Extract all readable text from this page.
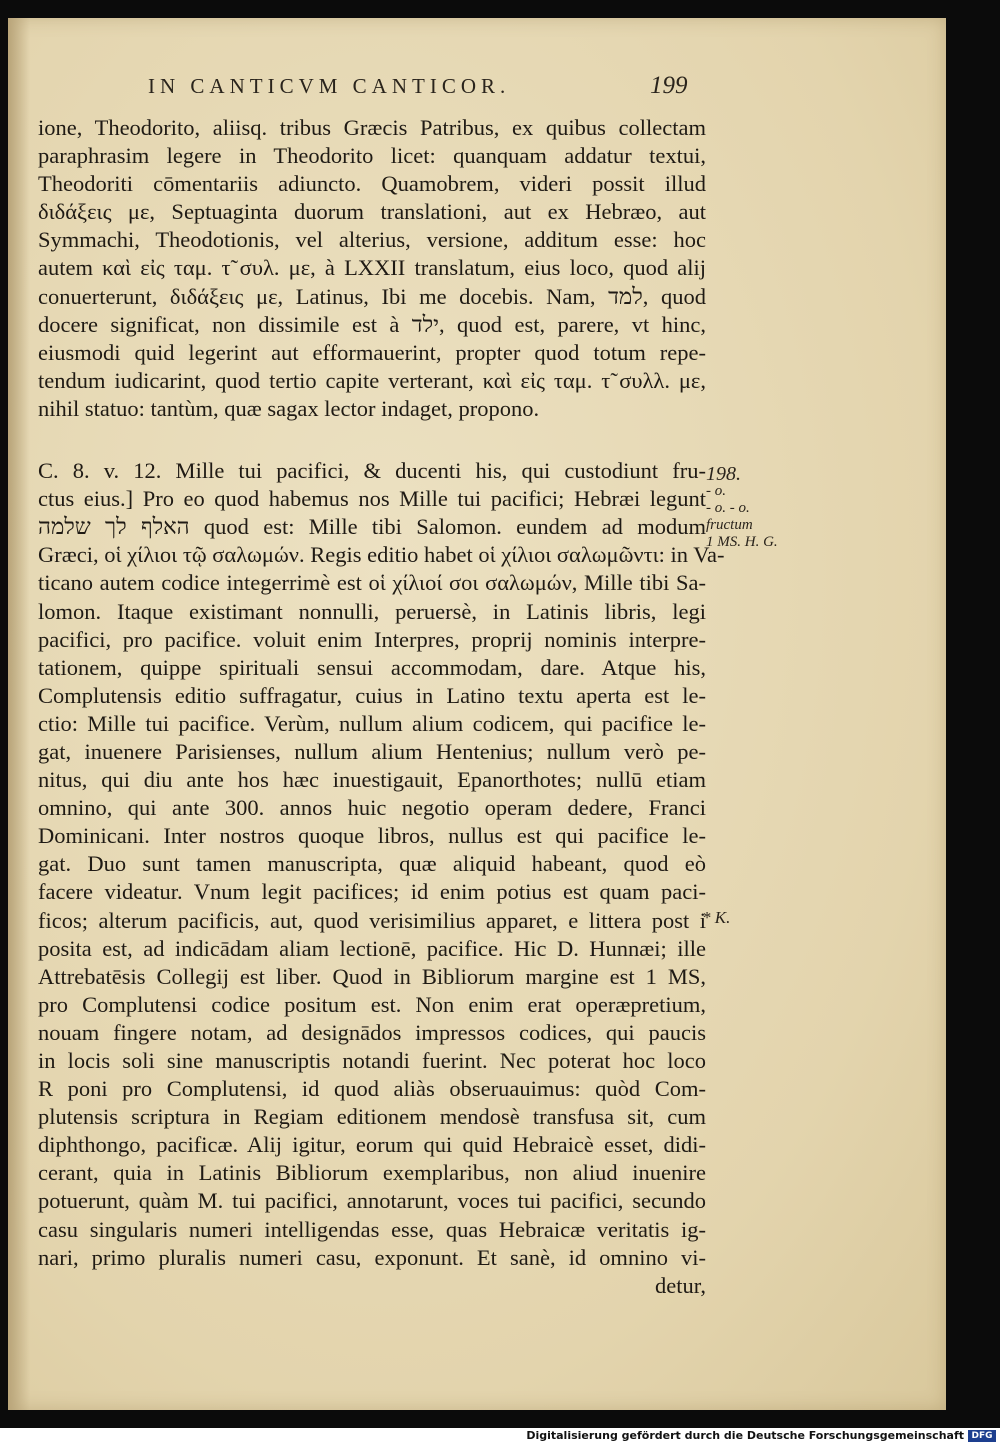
IN CANTICVM CANTICOR.	199
ione, Theodorito, aliisq. tribus Græcis Patribus, ex quibus collectam
paraphrasim legere in Theodorito licet: quanquam addatur textui,
Theodoriti cōmentariis adiuncto. Quamobrem, videri possit illud
διδάξεις με, Septuaginta duorum translationi, aut ex Hebræo, aut
Symmachi, Theodotionis, vel alterius, versione, additum esse: hoc
autem καὶ εἰς ταμ. τ̃ συλ. με, à LXXII translatum, eius loco, quod alij
conuerterunt, διδάξεις με, Latinus, Ibi me docebis. Nam, למד, quod
docere significat, non dissimile est à ילד, quod est, parere, vt hinc,
eiusmodi quid legerint aut efformauerint, propter quod totum repe-
tendum iudicarint, quod tertio capite verterant, καὶ εἰς ταμ. τ̃ συλλ. με,
nihil statuo: tantùm, quæ sagax lector indaget, propono.
C. 8. v. 12. Mille tui pacifici, & ducenti his, qui custodiunt fru-
ctus eius.] Pro eo quod habemus nos Mille tui pacifici; Hebræi legunt
האלף לך שלמה quod est: Mille tibi Salomon. eundem ad modum
Græci, οἱ χίλιοι τῷ σαλωμών. Regis editio habet οἱ χίλιοι σαλωμῶντι: in Va-
ticano autem codice integerrimè est οἱ χίλιοί σοι σαλωμών, Mille tibi Sa-
lomon. Itaque existimant nonnulli, peruersè, in Latinis libris, legi
pacifici, pro pacifice. voluit enim Interpres, proprij nominis interpre-
tationem, quippe spirituali sensui accommodam, dare. Atque his,
Complutensis editio suffragatur, cuius in Latino textu aperta est le-
ctio: Mille tui pacifice. Verùm, nullum alium codicem, qui pacifice le-
gat, inuenere Parisienses, nullum alium Hentenius; nullum verò pe-
nitus, qui diu ante hos hæc inuestigauit, Epanorthotes; nullū etiam
omnino, qui ante 300. annos huic negotio operam dedere, Franci
Dominicani. Inter nostros quoque libros, nullus est qui pacifice le-
gat. Duo sunt tamen manuscripta, quæ aliquid habeant, quod eò
facere videatur. Vnum legit pacifices; id enim potius est quam paci-
ficos; alterum pacificis, aut, quod verisimilius apparet, e littera post i
posita est, ad indicādam aliam lectionē, pacifice. Hic D. Hunnæi; ille
Attrebatēsis Collegij est liber. Quod in Bibliorum margine est 1 MS,
pro Complutensi codice positum est. Non enim erat operæpretium,
nouam fingere notam, ad designādos impressos codices, qui paucis
in locis soli sine manuscriptis notandi fuerint. Nec poterat hoc loco
R poni pro Complutensi, id quod aliàs obseruauimus: quòd Com-
plutensis scriptura in Regiam editionem mendosè transfusa sit, cum
diphthongo, pacificæ. Alij igitur, eorum qui quid Hebraicè esset, didi-
cerant, quia in Latinis Bibliorum exemplaribus, non aliud inuenire
potuerunt, quàm M. tui pacifici, annotarunt, voces tui pacifici, secundo
casu singularis numeri intelligendas esse, quas Hebraicæ veritatis ig-
nari, primo pluralis numeri casu, exponunt. Et sanè, id omnino vi-
detur,
198.
- o.
- o. - o.
fructum
1 MS. H. G.
* K.
Digitalisierung gefördert durch die Deutsche Forschungsgemeinschaft DFG
